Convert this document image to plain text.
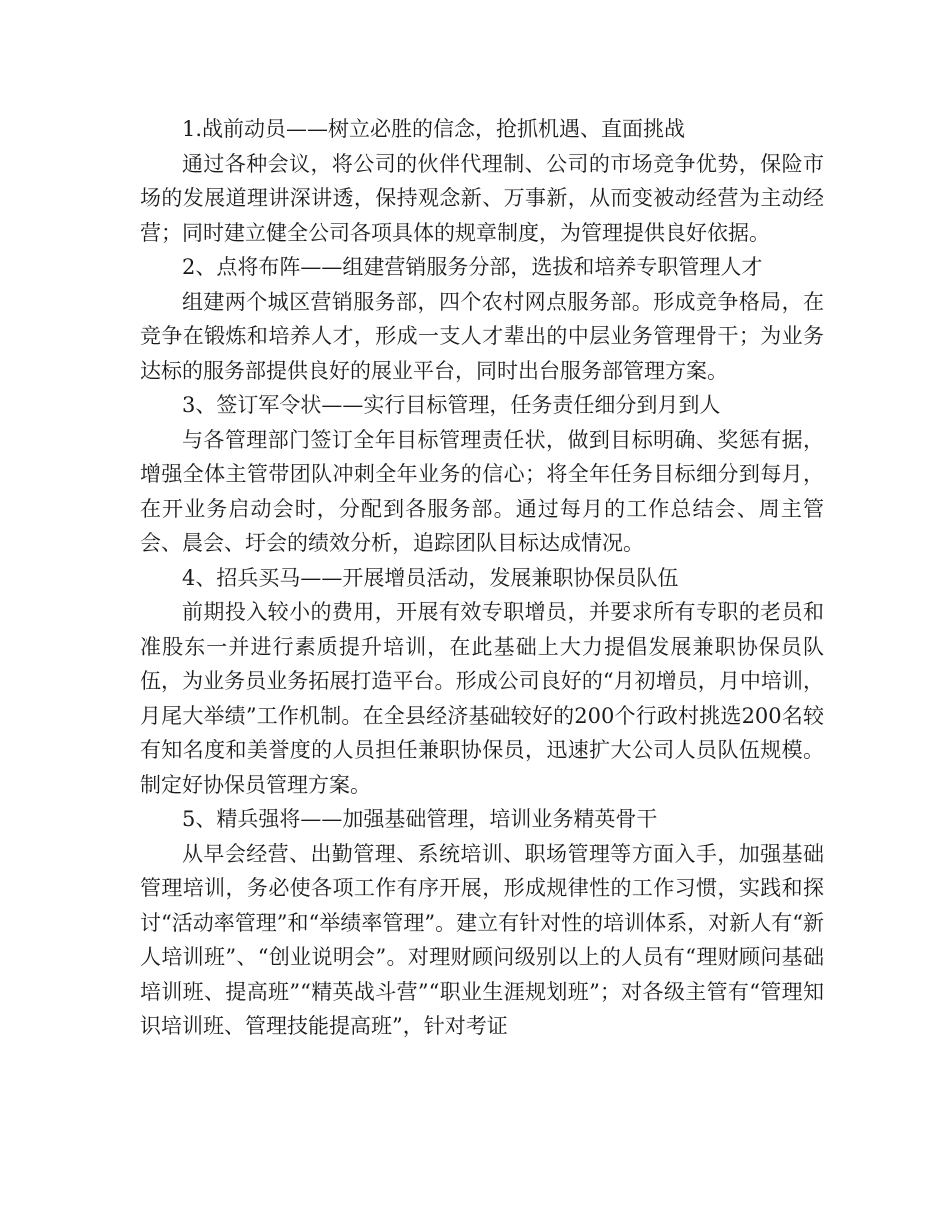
1.战前动员——树立必胜的信念，抢抓机遇、直面挑战

通过各种会议，将公司的伙伴代理制、公司的市场竞争优势，保险市场的发展道理讲深讲透，保持观念新、万事新，从而变被动经营为主动经营；同时建立健全公司各项具体的规章制度，为管理提供良好依据。

2、点将布阵——组建营销服务分部，选拔和培养专职管理人才

组建两个城区营销服务部，四个农村网点服务部。形成竞争格局，在竞争在锻炼和培养人才，形成一支人才辈出的中层业务管理骨干；为业务达标的服务部提供良好的展业平台，同时出台服务部管理方案。

3、签订军令状——实行目标管理，任务责任细分到月到人

与各管理部门签订全年目标管理责任状，做到目标明确、奖惩有据，增强全体主管带团队冲刺全年业务的信心；将全年任务目标细分到每月，在开业务启动会时，分配到各服务部。通过每月的工作总结会、周主管会、晨会、圩会的绩效分析，追踪团队目标达成情况。

4、招兵买马——开展增员活动，发展兼职协保员队伍

前期投入较小的费用，开展有效专职增员，并要求所有专职的老员和准股东一并进行素质提升培训，在此基础上大力提倡发展兼职协保员队伍，为业务员业务拓展打造平台。形成公司良好的“月初增员，月中培训，月尾大举绩”工作机制。在全县经济基础较好的200个行政村挑选200名较有知名度和美誉度的人员担任兼职协保员，迅速扩大公司人员队伍规模。制定好协保员管理方案。

5、精兵强将——加强基础管理，培训业务精英骨干

从早会经营、出勤管理、系统培训、职场管理等方面入手，加强基础管理培训，务必使各项工作有序开展，形成规律性的工作习惯，实践和探讨“活动率管理”和“举绩率管理”。建立有针对性的培训体系，对新人有“新人培训班”、“创业说明会”。对理财顾问级别以上的人员有“理财顾问基础培训班、提高班”“精英战斗营”“职业生涯规划班”；对各级主管有“管理知识培训班、管理技能提高班”，针对考证
